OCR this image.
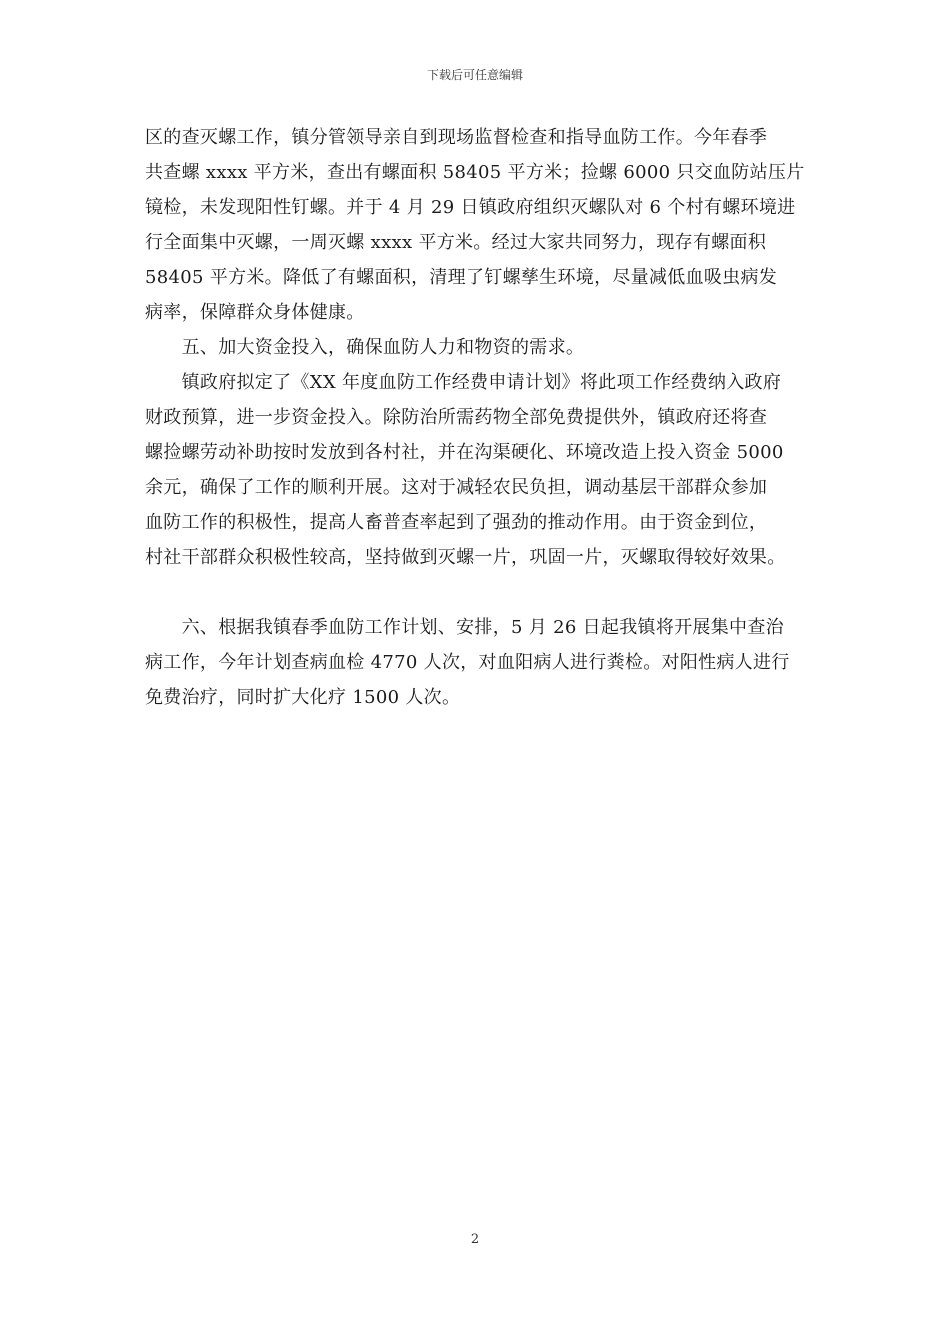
下载后可任意编辑
区的查灭螺工作，镇分管领导亲自到现场监督检查和指导血防工作。今年春季
共查螺 xxxx 平方米，查出有螺面积 58405 平方米；捡螺 6000 只交血防站压片
镜检，未发现阳性钉螺。并于 4 月 29 日镇政府组织灭螺队对 6 个村有螺环境进
行全面集中灭螺，一周灭螺 xxxx 平方米。经过大家共同努力，现存有螺面积
58405 平方米。降低了有螺面积，清理了钉螺孳生环境，尽量减低血吸虫病发
病率，保障群众身体健康。
　　五、加大资金投入，确保血防人力和物资的需求。
　　镇政府拟定了《XX 年度血防工作经费申请计划》将此项工作经费纳入政府
财政预算，进一步资金投入。除防治所需药物全部免费提供外，镇政府还将查
螺捡螺劳动补助按时发放到各村社，并在沟渠硬化、环境改造上投入资金 5000
余元，确保了工作的顺利开展。这对于减轻农民负担，调动基层干部群众参加
血防工作的积极性，提高人畜普查率起到了强劲的推动作用。由于资金到位，
村社干部群众积极性较高，坚持做到灭螺一片，巩固一片，灭螺取得较好效果。
　　六、根据我镇春季血防工作计划、安排，5 月 26 日起我镇将开展集中查治
病工作，今年计划查病血检 4770 人次，对血阳病人进行粪检。对阳性病人进行
免费治疗，同时扩大化疗 1500 人次。
2
